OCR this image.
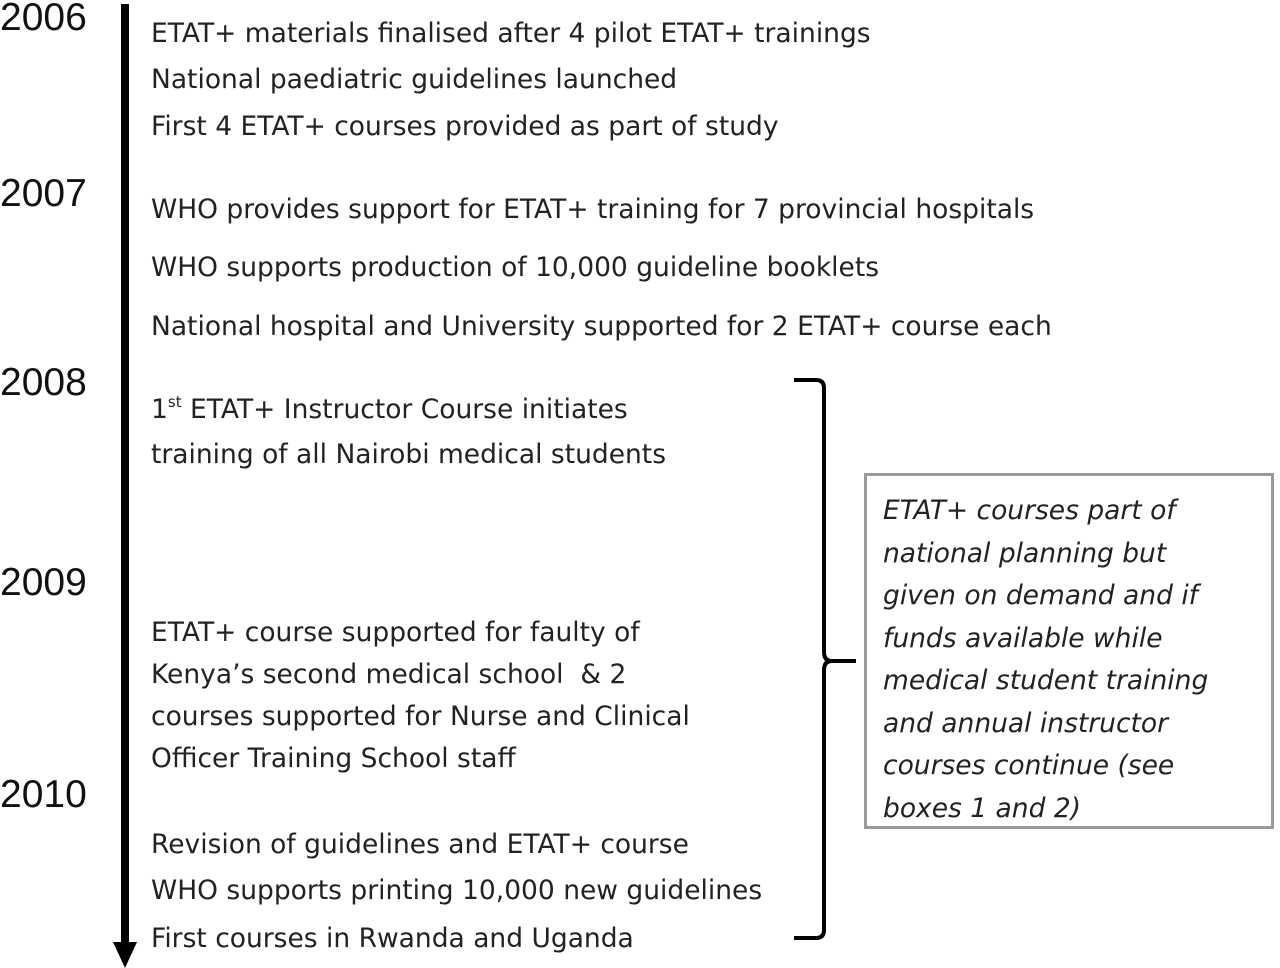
2006
2007
2008
2009
2010
ETAT+ materials finalised after 4 pilot ETAT+ trainings
National paediatric guidelines launched
First 4 ETAT+ courses provided as part of study
WHO provides support for ETAT+ training for 7 provincial hospitals
WHO supports production of 10,000 guideline booklets
National hospital and University supported for 2 ETAT+ course each
1st ETAT+ Instructor Course initiates
training of all Nairobi medical students
ETAT+ course supported for faulty of
Kenya’s second medical school  & 2
courses supported for Nurse and Clinical
Officer Training School staff
Revision of guidelines and ETAT+ course
WHO supports printing 10,000 new guidelines
First courses in Rwanda and Uganda
ETAT+ courses part of
national planning but
given on demand and if
funds available while
medical student training
and annual instructor
courses continue (see
boxes 1 and 2)
